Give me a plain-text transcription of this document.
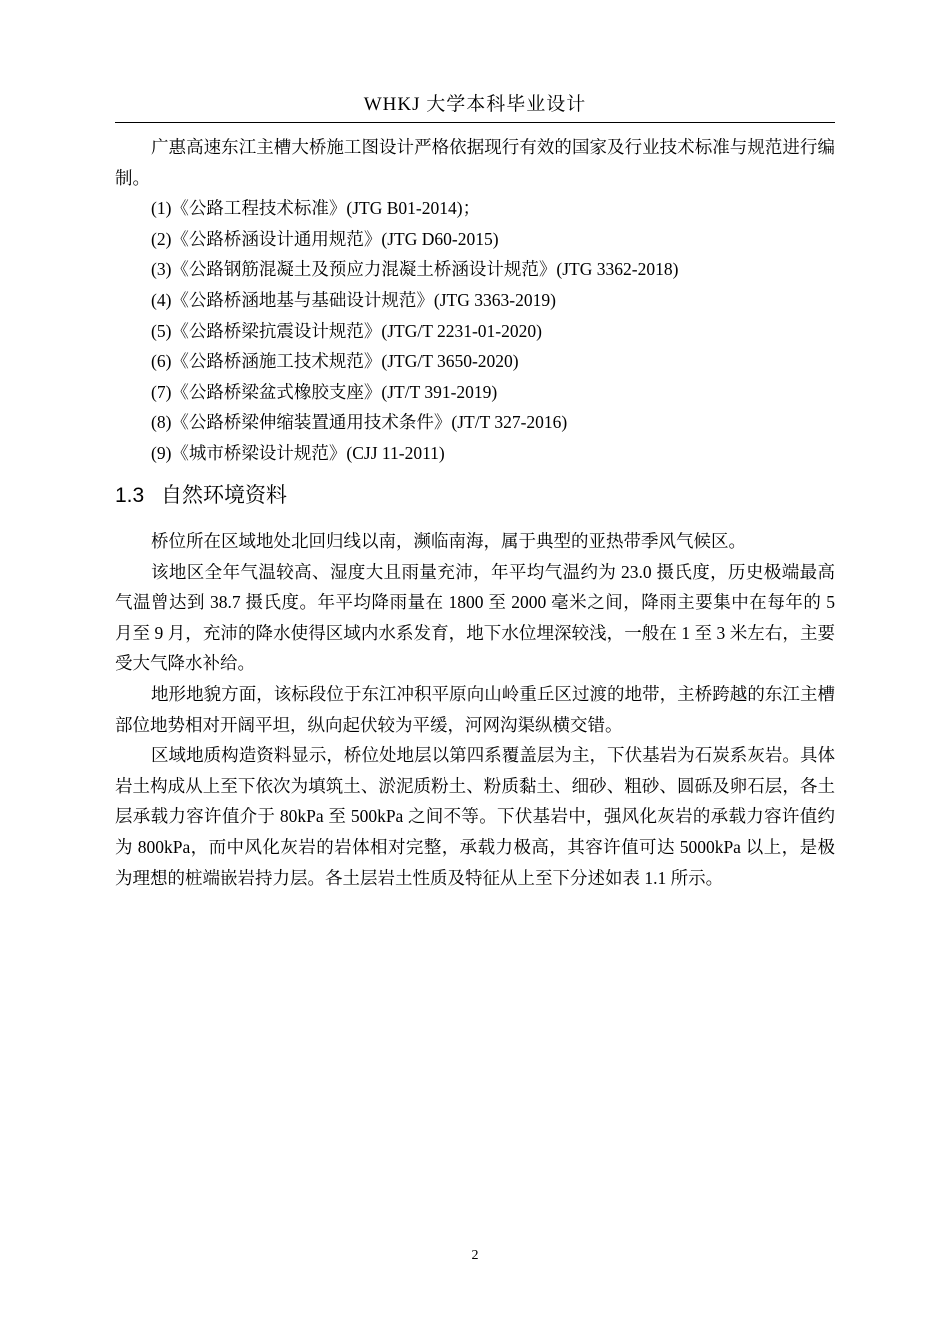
WHKJ 大学本科毕业设计

广惠高速东江主槽大桥施工图设计严格依据现行有效的国家及行业技术标准与规范进行编制。

(1)《公路工程技术标准》(JTG B01-2014)；

(2)《公路桥涵设计通用规范》(JTG D60-2015)

(3)《公路钢筋混凝土及预应力混凝土桥涵设计规范》(JTG 3362-2018)

(4)《公路桥涵地基与基础设计规范》(JTG 3363-2019)

(5)《公路桥梁抗震设计规范》(JTG/T 2231-01-2020)

(6)《公路桥涵施工技术规范》(JTG/T 3650-2020)

(7)《公路桥梁盆式橡胶支座》(JT/T 391-2019)

(8)《公路桥梁伸缩装置通用技术条件》(JT/T 327-2016)

(9)《城市桥梁设计规范》(CJJ 11-2011)

1.3 自然环境资料

桥位所在区域地处北回归线以南，濒临南海，属于典型的亚热带季风气候区。

该地区全年气温较高、湿度大且雨量充沛，年平均气温约为 23.0 摄氏度，历史极端最高气温曾达到 38.7 摄氏度。年平均降雨量在 1800 至 2000 毫米之间，降雨主要集中在每年的 5 月至 9 月，充沛的降水使得区域内水系发育，地下水位埋深较浅，一般在 1 至 3 米左右，主要受大气降水补给。

地形地貌方面，该标段位于东江冲积平原向山岭重丘区过渡的地带，主桥跨越的东江主槽部位地势相对开阔平坦，纵向起伏较为平缓，河网沟渠纵横交错。

区域地质构造资料显示，桥位处地层以第四系覆盖层为主，下伏基岩为石炭系灰岩。具体岩土构成从上至下依次为填筑土、淤泥质粉土、粉质黏土、细砂、粗砂、圆砾及卵石层，各土层承载力容许值介于 80kPa 至 500kPa 之间不等。下伏基岩中，强风化灰岩的承载力容许值约为 800kPa，而中风化灰岩的岩体相对完整，承载力极高，其容许值可达 5000kPa 以上，是极为理想的桩端嵌岩持力层。各土层岩土性质及特征从上至下分述如表 1.1 所示。

2
